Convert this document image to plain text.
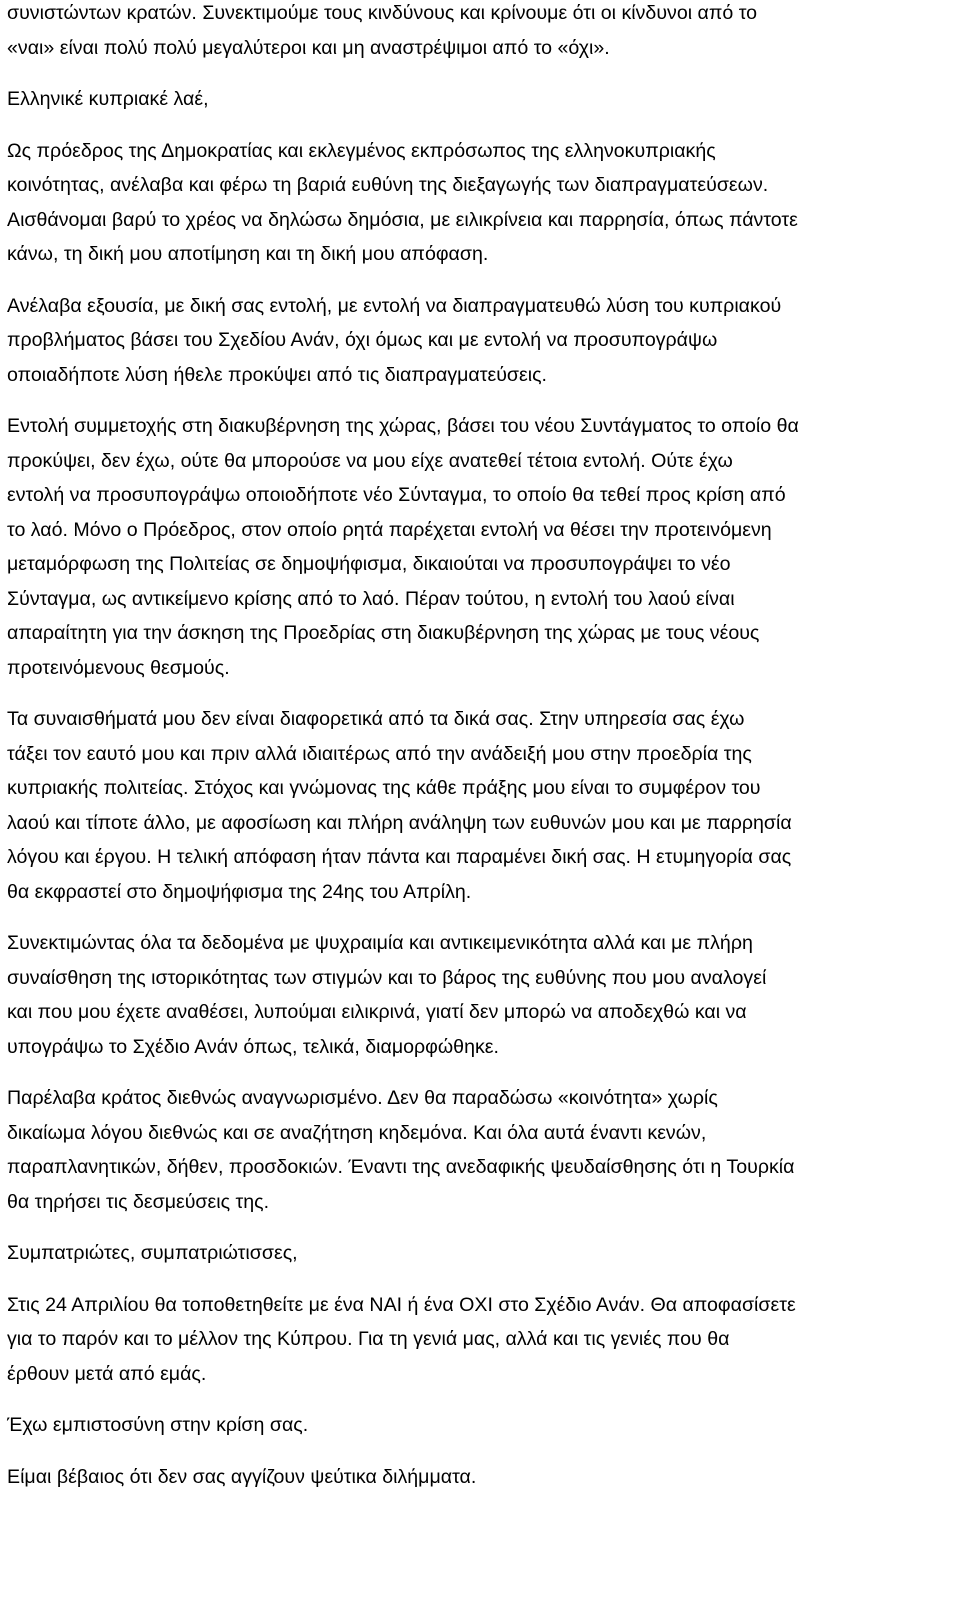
συνιστώντων κρατών. Συνεκτιμούμε τους κινδύνους και κρίνουμε ότι οι κίνδυνοι από το
«ναι» είναι πολύ πολύ μεγαλύτεροι και μη αναστρέψιμοι από το «όχι».

Ελληνικέ κυπριακέ λαέ,

Ως πρόεδρος της Δημοκρατίας και εκλεγμένος εκπρόσωπος της ελληνοκυπριακής
κοινότητας, ανέλαβα και φέρω τη βαριά ευθύνη της διεξαγωγής των διαπραγματεύσεων.
Αισθάνομαι βαρύ το χρέος να δηλώσω δημόσια, με ειλικρίνεια και παρρησία, όπως πάντοτε
κάνω, τη δική μου αποτίμηση και τη δική μου απόφαση.

Ανέλαβα εξουσία, με δική σας εντολή, με εντολή να διαπραγματευθώ λύση του κυπριακού
προβλήματος βάσει του Σχεδίου Ανάν, όχι όμως και με εντολή να προσυπογράψω
οποιαδήποτε λύση ήθελε προκύψει από τις διαπραγματεύσεις.

Εντολή συμμετοχής στη διακυβέρνηση της χώρας, βάσει του νέου Συντάγματος το οποίο θα
προκύψει, δεν έχω, ούτε θα μπορούσε να μου είχε ανατεθεί τέτοια εντολή. Ούτε έχω
εντολή να προσυπογράψω οποιοδήποτε νέο Σύνταγμα, το οποίο θα τεθεί προς κρίση από
το λαό. Μόνο ο Πρόεδρος, στον οποίο ρητά παρέχεται εντολή να θέσει την προτεινόμενη
μεταμόρφωση της Πολιτείας σε δημοψήφισμα, δικαιούται να προσυπογράψει το νέο
Σύνταγμα, ως αντικείμενο κρίσης από το λαό. Πέραν τούτου, η εντολή του λαού είναι
απαραίτητη για την άσκηση της Προεδρίας στη διακυβέρνηση της χώρας με τους νέους
προτεινόμενους θεσμούς.

Τα συναισθήματά μου δεν είναι διαφορετικά από τα δικά σας. Στην υπηρεσία σας έχω
τάξει τον εαυτό μου και πριν αλλά ιδιαιτέρως από την ανάδειξή μου στην προεδρία της
κυπριακής πολιτείας. Στόχος και γνώμονας της κάθε πράξης μου είναι το συμφέρον του
λαού και τίποτε άλλο, με αφοσίωση και πλήρη ανάληψη των ευθυνών μου και με παρρησία
λόγου και έργου. Η τελική απόφαση ήταν πάντα και παραμένει δική σας. Η ετυμηγορία σας
θα εκφραστεί στο δημοψήφισμα της 24ης του Απρίλη.

Συνεκτιμώντας όλα τα δεδομένα με ψυχραιμία και αντικειμενικότητα αλλά και με πλήρη
συναίσθηση της ιστορικότητας των στιγμών και το βάρος της ευθύνης που μου αναλογεί
και που μου έχετε αναθέσει, λυπούμαι ειλικρινά, γιατί δεν μπορώ να αποδεχθώ και να
υπογράψω το Σχέδιο Ανάν όπως, τελικά, διαμορφώθηκε.

Παρέλαβα κράτος διεθνώς αναγνωρισμένο. Δεν θα παραδώσω «κοινότητα» χωρίς
δικαίωμα λόγου διεθνώς και σε αναζήτηση κηδεμόνα. Και όλα αυτά έναντι κενών,
παραπλανητικών, δήθεν, προσδοκιών. Έναντι της ανεδαφικής ψευδαίσθησης ότι η Τουρκία
θα τηρήσει τις δεσμεύσεις της.

Συμπατριώτες, συμπατριώτισσες,

Στις 24 Απριλίου θα τοποθετηθείτε με ένα ΝΑΙ ή ένα ΟΧΙ στο Σχέδιο Ανάν. Θα αποφασίσετε
για το παρόν και το μέλλον της Κύπρου. Για τη γενιά μας, αλλά και τις γενιές που θα
έρθουν μετά από εμάς.

Έχω εμπιστοσύνη στην κρίση σας.

Είμαι βέβαιος ότι δεν σας αγγίζουν ψεύτικα διλήμματα.
